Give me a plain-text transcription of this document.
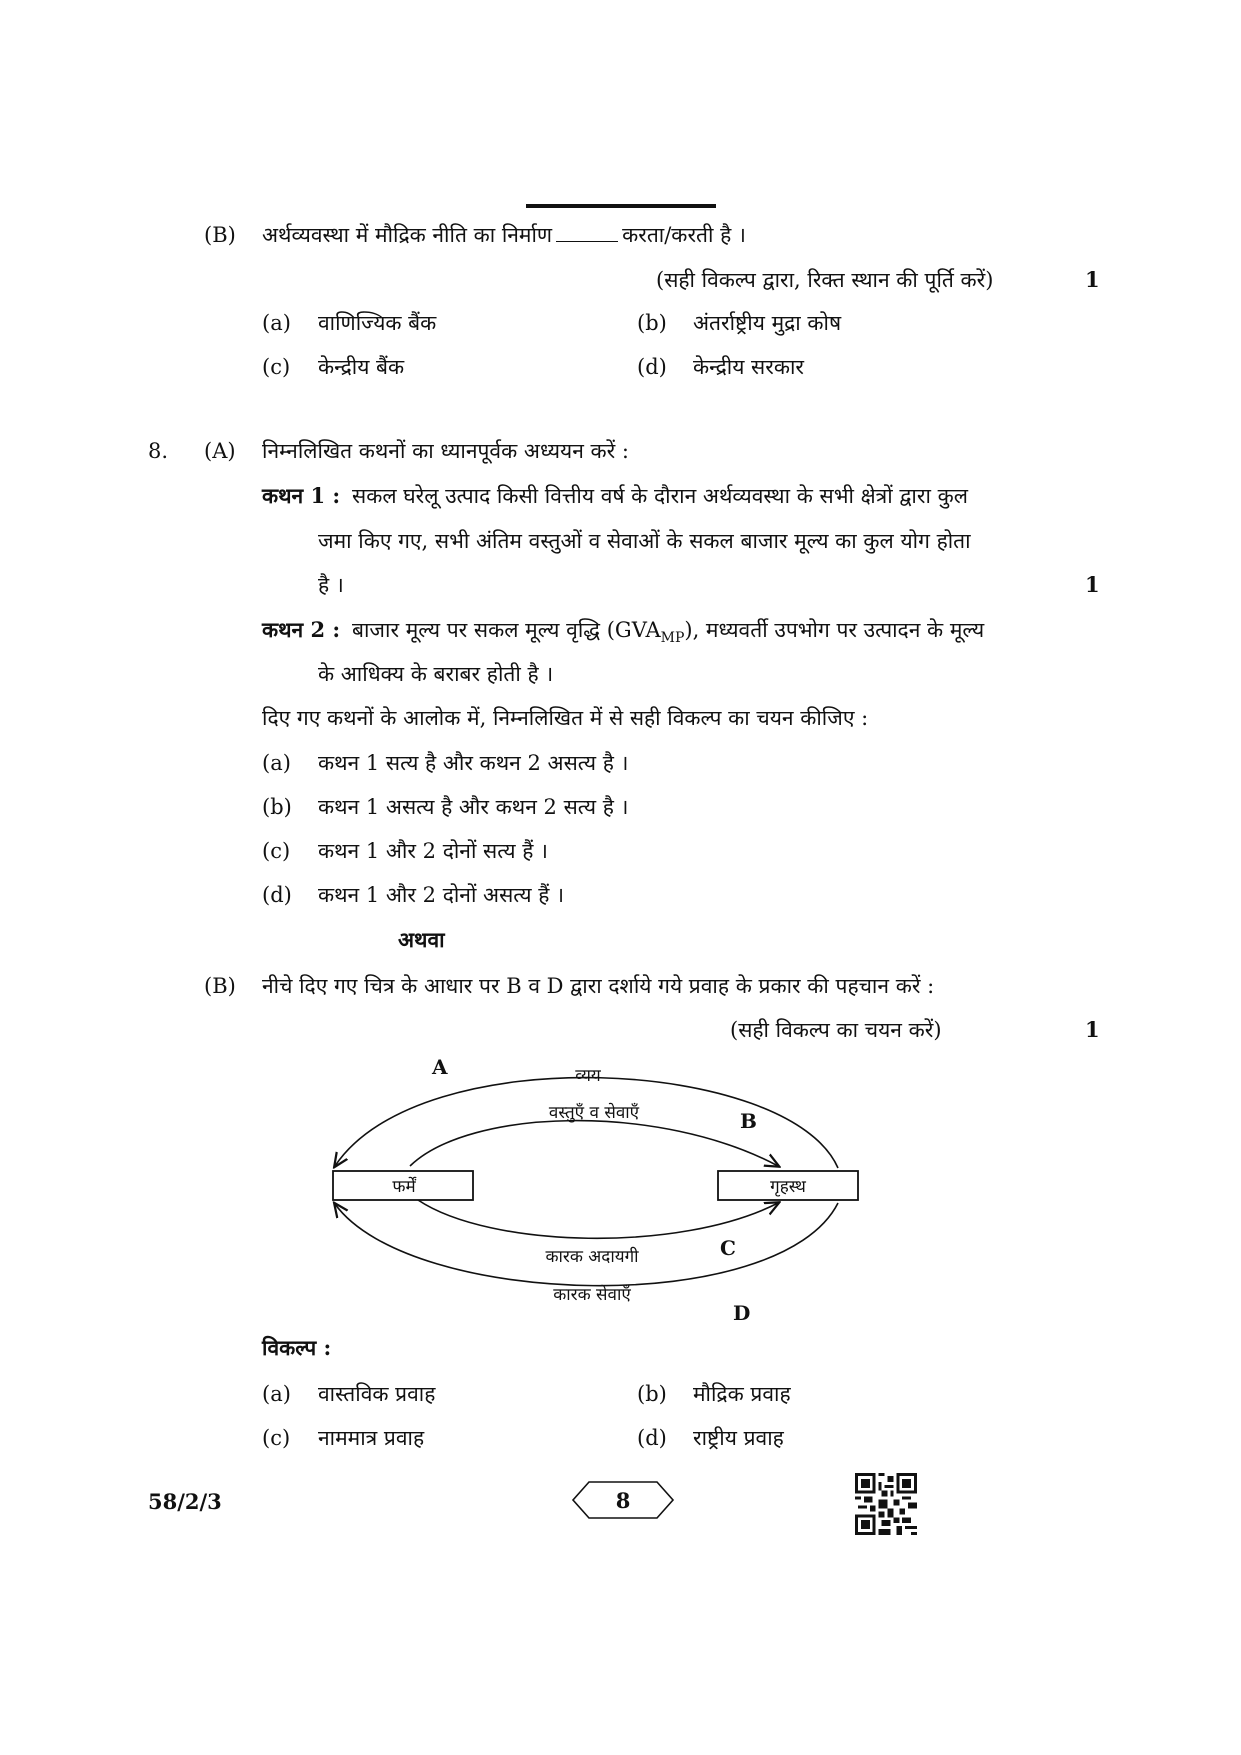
(B) अर्थव्यवस्था में मौद्रिक नीति का निर्माण	करता/करती है ।
(सही विकल्प द्वारा, रिक्त स्थान की पूर्ति करें)	1
(a) वाणिज्यिक बैंक	(b) अंतर्राष्ट्रीय मुद्रा कोष
(c) केन्द्रीय बैंक	(d) केन्द्रीय सरकार
8. (A) निम्नलिखित कथनों का ध्यानपूर्वक अध्ययन करें :
कथन 1 : सकल घरेलू उत्पाद किसी वित्तीय वर्ष के दौरान अर्थव्यवस्था के सभी क्षेत्रों द्वारा कुल
जमा किए गए, सभी अंतिम वस्तुओं व सेवाओं के सकल बाजार मूल्य का कुल योग होता
है ।	1
कथन 2 : बाजार मूल्य पर सकल मूल्य वृद्धि $(GVA_{MP})$, मध्यवर्ती उपभोग पर उत्पादन के मूल्य
के आधिक्य के बराबर होती है ।
दिए गए कथनों के आलोक में, निम्नलिखित में से सही विकल्प का चयन कीजिए :
(a) कथन 1 सत्य है और कथन 2 असत्य है ।
(b) कथन 1 असत्य है और कथन 2 सत्य है ।
(c) कथन 1 और 2 दोनों सत्य हैं ।
(d) कथन 1 और 2 दोनों असत्य हैं ।
अथवा
(B) नीचे दिए गए चित्र के आधार पर B व D द्वारा दर्शाये गये प्रवाह के प्रकार की पहचान करें :
(सही विकल्प का चयन करें)	1
फर्में	गृहस्थ
व्यय
वस्तुएँ व सेवाएँ
कारक अदायगी
कारक सेवाएँ
A
B
C
D
विकल्प :
(a) वास्तविक प्रवाह	(b) मौद्रिक प्रवाह
(c) नाममात्र प्रवाह	(d) राष्ट्रीय प्रवाह
58/2/3	8
